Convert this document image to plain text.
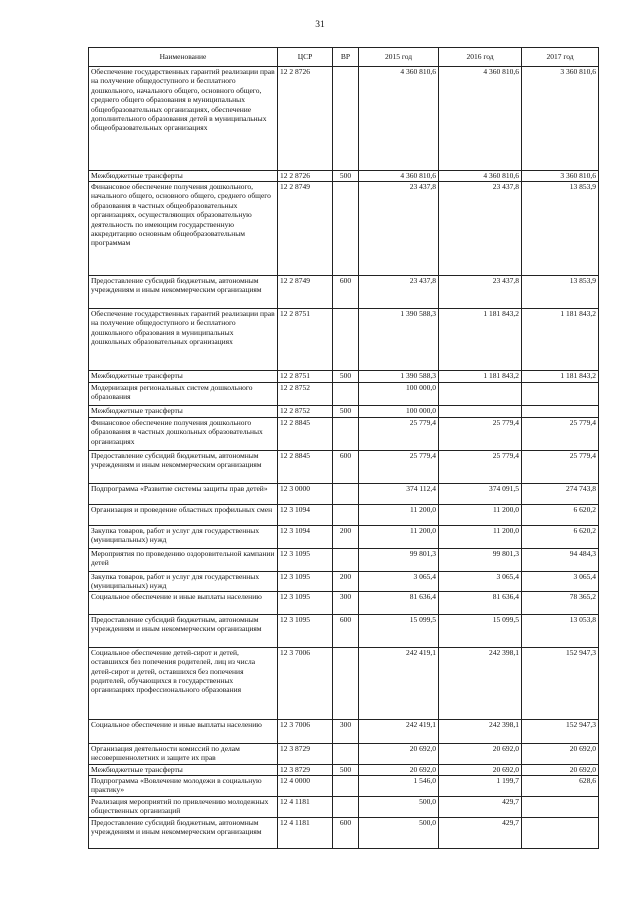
31
Наименование	ЦСР	ВР	2015 год	2016 год	2017 год
Обеспечение государственных гарантий реализации прав на получение общедоступного и бесплатного дошкольного, начального общего, основного общего, среднего общего образования в муниципальных общеобразовательных организациях, обеспечение дополнительного образования детей в муниципальных общеобразовательных организациях	12 2 8726		4 360 810,6	4 360 810,6	3 360 810,6
Межбюджетные трансферты	12 2 8726	500	4 360 810,6	4 360 810,6	3 360 810,6
Финансовое обеспечение получения дошкольного, начального общего, основного общего, среднего общего образования в частных общеобразовательных организациях, осуществляющих образовательную деятельность по имеющим государственную аккредитацию основным общеобразовательным программам	12 2 8749		23 437,8	23 437,8	13 853,9
Предоставление субсидий бюджетным, автономным учреждениям и иным некоммерческим организациям	12 2 8749	600	23 437,8	23 437,8	13 853,9
Обеспечение государственных гарантий реализации прав на получение общедоступного и бесплатного дошкольного образования в муниципальных дошкольных образовательных организациях	12 2 8751		1 390 588,3	1 181 843,2	1 181 843,2
Межбюджетные трансферты	12 2 8751	500	1 390 588,3	1 181 843,2	1 181 843,2
Модернизация региональных систем дошкольного образования	12 2 8752		100 000,0		
Межбюджетные трансферты	12 2 8752	500	100 000,0		
Финансовое обеспечение получения дошкольного образования в частных дошкольных образовательных организациях	12 2 8845		25 779,4	25 779,4	25 779,4
Предоставление субсидий бюджетным, автономным учреждениям и иным некоммерческим организациям	12 2 8845	600	25 779,4	25 779,4	25 779,4
Подпрограмма «Развитие системы защиты прав детей»	12 3 0000		374 112,4	374 091,5	274 743,8
Организация и проведение областных профильных смен	12 3 1094		11 200,0	11 200,0	6 620,2
Закупка товаров, работ и услуг для государственных (муниципальных) нужд	12 3 1094	200	11 200,0	11 200,0	6 620,2
Мероприятия по проведению оздоровительной кампании детей	12 3 1095		99 801,3	99 801,3	94 484,3
Закупка товаров, работ и услуг для государственных (муниципальных) нужд	12 3 1095	200	3 065,4	3 065,4	3 065,4
Социальное обеспечение и иные выплаты населению	12 3 1095	300	81 636,4	81 636,4	78 365,2
Предоставление субсидий бюджетным, автономным учреждениям и иным некоммерческим организациям	12 3 1095	600	15 099,5	15 099,5	13 053,8
Социальное обеспечение детей-сирот и детей, оставшихся без попечения родителей, лиц из числа детей-сирот и детей, оставшихся без попечения родителей, обучающихся в государственных организациях профессионального образования	12 3 7006		242 419,1	242 398,1	152 947,3
Социальное обеспечение и иные выплаты населению	12 3 7006	300	242 419,1	242 398,1	152 947,3
Организация деятельности комиссий по делам несовершеннолетних и защите их прав	12 3 8729		20 692,0	20 692,0	20 692,0
Межбюджетные трансферты	12 3 8729	500	20 692,0	20 692,0	20 692,0
Подпрограмма «Вовлечение молодежи в социальную практику»	12 4 0000		1 546,0	1 199,7	628,6
Реализация мероприятий по привлечению молодежных общественных организаций	12 4 1181		500,0	429,7	
Предоставление субсидий бюджетным, автономным учреждениям и иным некоммерческим организациям	12 4 1181	600	500,0	429,7	
